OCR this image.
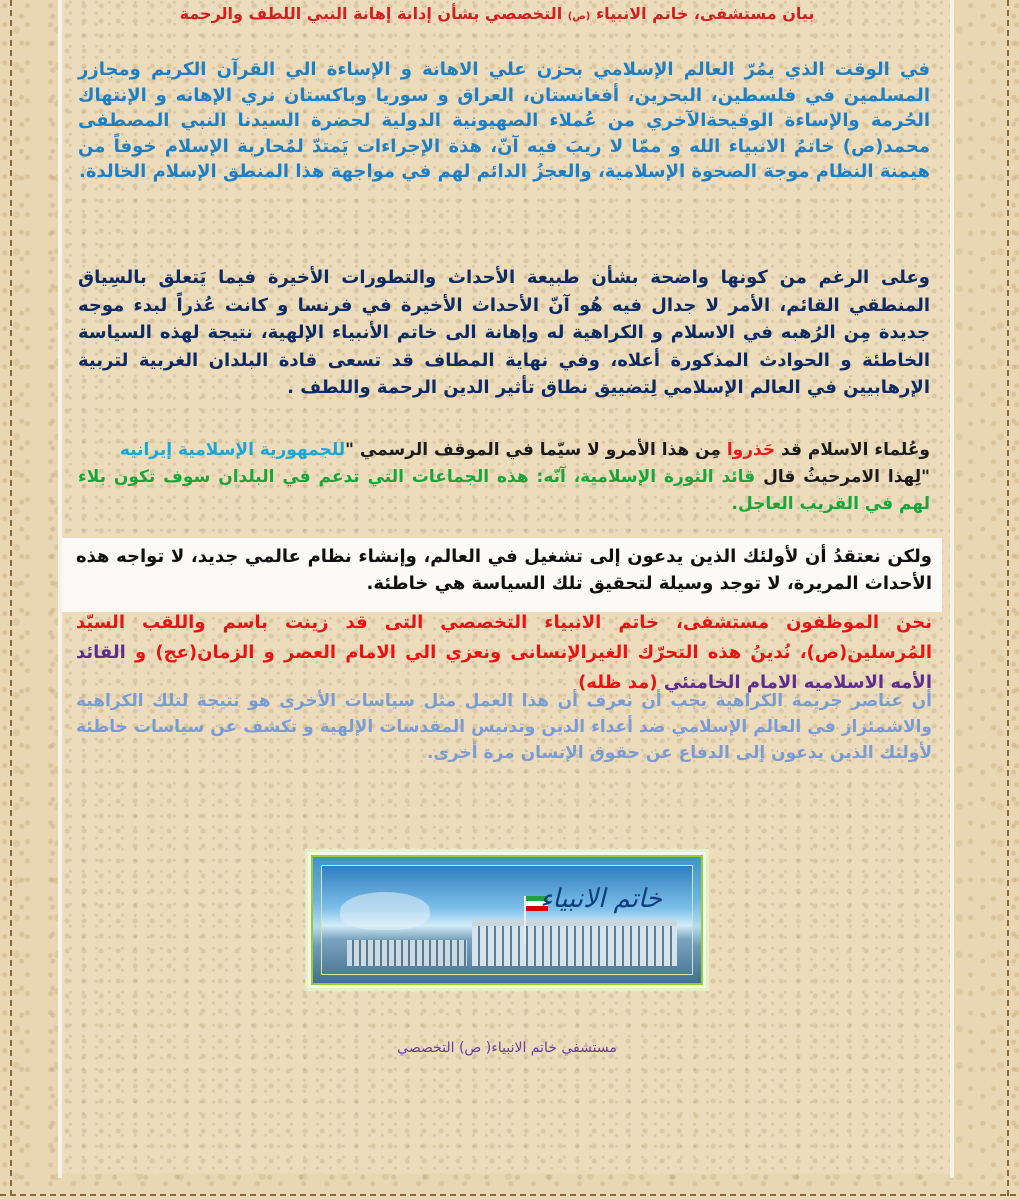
بيان مستشفى، خاتم الانبياء (ص) التخصصي بشأن إدانة إهانة النبي اللطف والرحمة
في الوقت الذي يمُرّ العالم الإسلامي بحزن علي الاهانة و الإساءة الي القرآن الكريم ومجازر المسلمين في فلسطين، البحرين، أفغانستان، العراق و سوريا وباكستان نري الإهانه و الإنتهاك الحُرمة والإساءة الوقيحةالآخري من عُملاء الصهيونية الدولية لحضرة السيدنا النبي المصطفى محمد(ص) خاتمُ الانبياء الله و ممّا لا ريبَ فيه آنّ، هذة الإجراءات يَمتدّ لمُحاربة الإسلام خوفاً من هيمنة النظام موجة الصحوة الإسلامية، والعجزُ الدائم لهم في مواجهة هذا المنطق الإسلام الخالدة.
وعلى الرغم من كونها واضحة بشأن طبيعة الأحداث والتطورات الأخيرة فيما يَتعلق بالسِياق المنطقي القائم، الأمر لا جدال فيه هُو آنّ الأحداث الأخيرة في فرنسا و كانت عُذراً لبدء موجه جديدة مِن الرُهبه في الاسلام و الكراهية له وإهانة الى خاتم الأنبياء الإلهية، نتيجة لهذه السياسة الخاطئة و الحوادث المذكورة أعلاه، وفي نهاية المطاف قد تسعى قادة البلدان الغربية لتربية الإرهابيين في العالم الإسلامي لِتضييق نطاق تأثير الدين الرحمة واللطف .
وعُلماء الاسلام قد حَذروا مِن هذا الأمرو لا سيّما في الموقف الرسمي "للجمهورية الإسلامية إيرانيه
"لِهذا الامرحيثُ قال قائد الثورة الإسلامية، آنّه: هذه الجماعات التي تدعم في البلدان سوف تكون بلاء لهم في القريب العاجل.
ولكن نعتقدُ أن لأولئك الذين يدعون إلى تشغيل في العالم، وإنشاء نظام عالمي جديد، لا تواجه هذه الأحداث المريرة، لا توجد وسيلة لتحقيق تلك السياسة هي خاطئة.
نحن الموظفون مستشفى، خاتم الانبياء التخصصي التى قد زينت باسم واللقب السيّد المُرسلين(ص)، نُدينُ هذه التحرّك الغيرالإنسانى ونعزي الي الامام العصر و الزمان(عج) و القائد الأمه الاسلاميه الامام الخامنئي (مد ظله)
أن عناصر جريمة الكراهية يجب أن نعرف أن هذا العمل مثل سياسات الأخرى هو نتيجة لتلك الكراهية والاشمئزاز في العالم الإسلامي ضد أعداء الدين وتدنيس المقدسات الإلهية و تكشف عن سياسات خاطئة لأولئك الذين يدعون إلى الدفاع عن حقوق الإنسان مرة أخرى.
خاتم الانبیاء
مستشفي خاتم الانبياء( ص) التخصصي
